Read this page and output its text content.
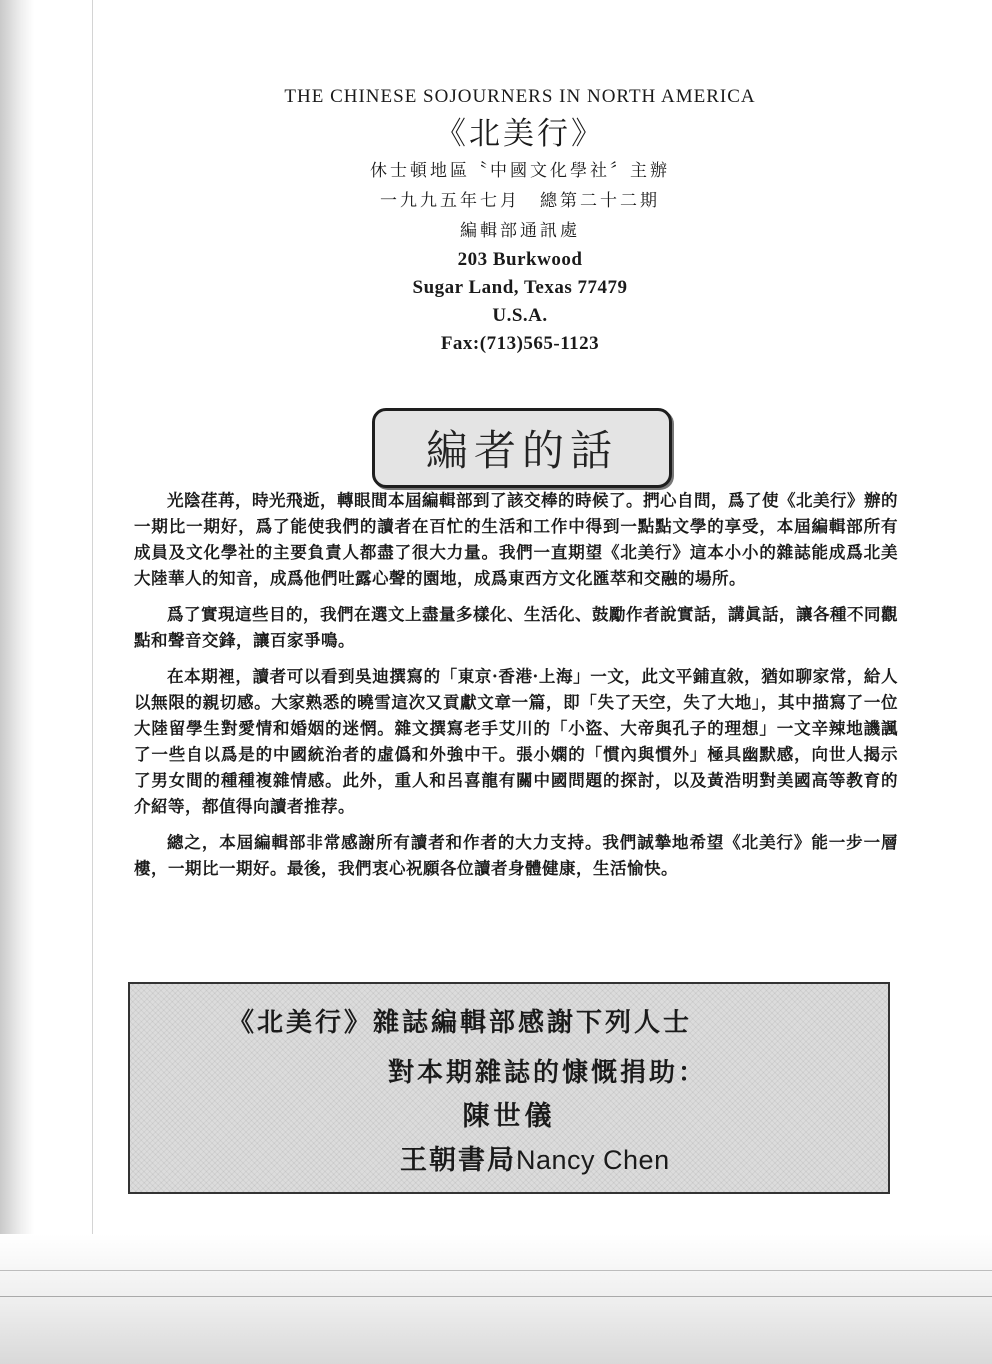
THE CHINESE SOJOURNERS IN NORTH AMERICA
《北美行》
休士頓地區〝中國文化學社〞主辦
一九九五年七月　總第二十二期
編輯部通訊處
203 Burkwood
Sugar Land, Texas 77479
U.S.A.
Fax:(713)565-1123
編者的話

光陰荏苒，時光飛逝，轉眼間本屆編輯部到了該交棒的時候了。捫心自問，爲了使《北美行》辦的一期比一期好，爲了能使我們的讀者在百忙的生活和工作中得到一點點文學的享受，本屆編輯部所有成員及文化學社的主要負責人都盡了很大力量。我們一直期望《北美行》這本小小的雜誌能成爲北美大陸華人的知音，成爲他們吐露心聲的園地，成爲東西方文化匯萃和交融的場所。

爲了實現這些目的，我們在選文上盡量多樣化、生活化、鼓勵作者說實話，講眞話，讓各種不同觀點和聲音交鋒，讓百家爭鳴。

在本期裡，讀者可以看到吳迪撰寫的「東京·香港·上海」一文，此文平鋪直敘，猶如聊家常，給人以無限的親切感。大家熟悉的曉雪這次又貢獻文章一篇，即「失了天空，失了大地」，其中描寫了一位大陸留學生對愛情和婚姻的迷惘。雜文撰寫老手艾川的「小盜、大帝與孔子的理想」一文辛辣地譏諷了一些自以爲是的中國統治者的虛僞和外強中干。張小嫻的「慣內與慣外」極具幽默感，向世人揭示了男女間的種種複雜情感。此外，重人和呂喜龍有關中國問題的探討，以及黃浩明對美國高等教育的介紹等，都值得向讀者推荐。

總之，本屆編輯部非常感謝所有讀者和作者的大力支持。我們誠摯地希望《北美行》能一步一層樓，一期比一期好。最後，我們衷心祝願各位讀者身體健康，生活愉快。

《北美行》雜誌編輯部感謝下列人士
對本期雜誌的慷慨捐助：
陳世儀
王朝書局Nancy Chen
